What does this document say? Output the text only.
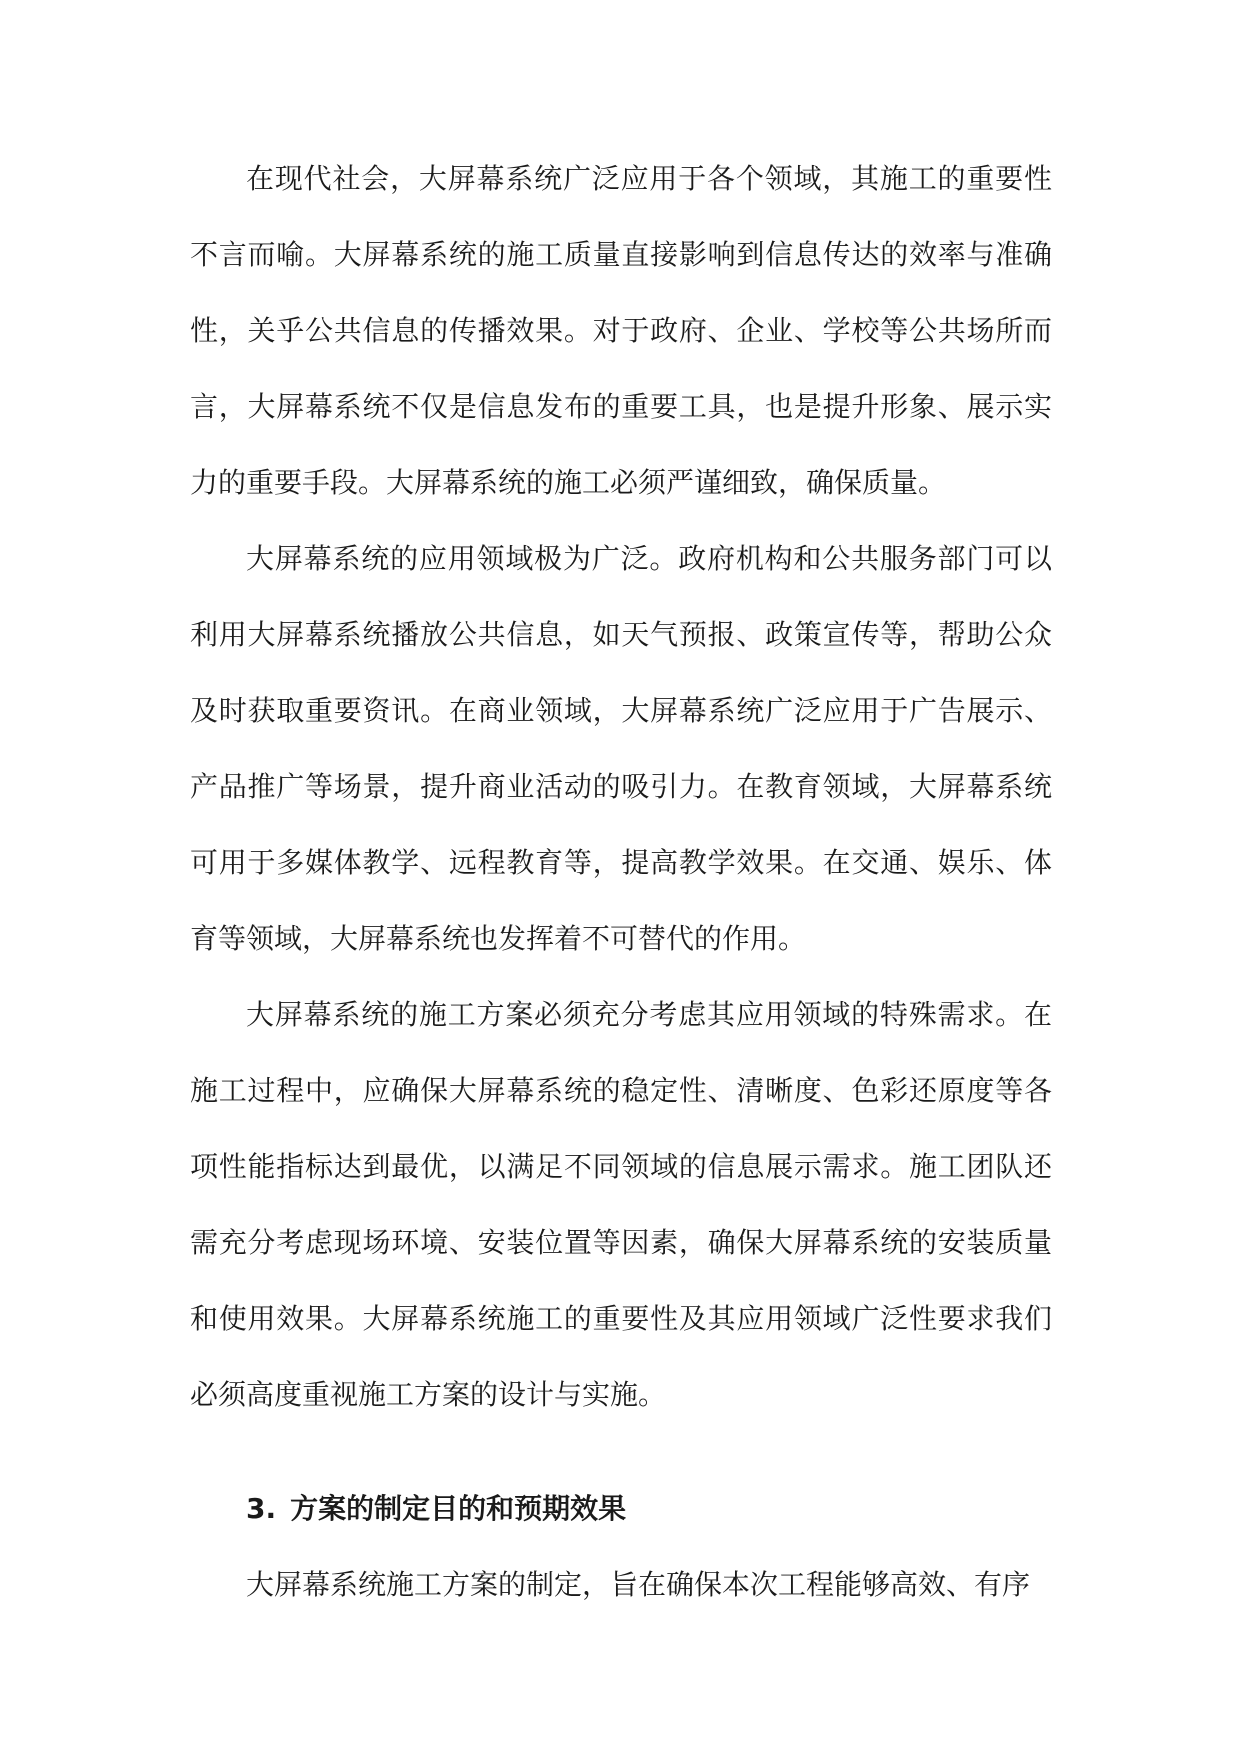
在现代社会，大屏幕系统广泛应用于各个领域，其施工的重要性不言而喻。大屏幕系统的施工质量直接影响到信息传达的效率与准确性，关乎公共信息的传播效果。对于政府、企业、学校等公共场所而言，大屏幕系统不仅是信息发布的重要工具，也是提升形象、展示实力的重要手段。大屏幕系统的施工必须严谨细致，确保质量。

大屏幕系统的应用领域极为广泛。政府机构和公共服务部门可以利用大屏幕系统播放公共信息，如天气预报、政策宣传等，帮助公众及时获取重要资讯。在商业领域，大屏幕系统广泛应用于广告展示、产品推广等场景，提升商业活动的吸引力。在教育领域，大屏幕系统可用于多媒体教学、远程教育等，提高教学效果。在交通、娱乐、体育等领域，大屏幕系统也发挥着不可替代的作用。

大屏幕系统的施工方案必须充分考虑其应用领域的特殊需求。在施工过程中，应确保大屏幕系统的稳定性、清晰度、色彩还原度等各项性能指标达到最优，以满足不同领域的信息展示需求。施工团队还需充分考虑现场环境、安装位置等因素，确保大屏幕系统的安装质量和使用效果。大屏幕系统施工的重要性及其应用领域广泛性要求我们必须高度重视施工方案的设计与实施。

3. 方案的制定目的和预期效果

大屏幕系统施工方案的制定，旨在确保本次工程能够高效、有序
